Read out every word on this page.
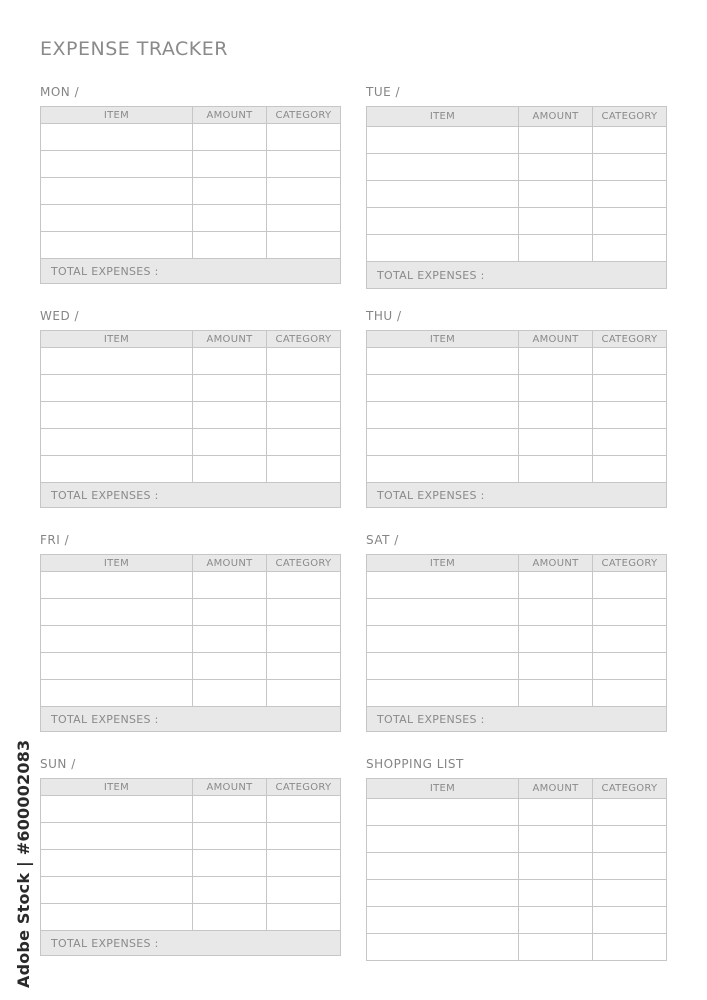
EXPENSE TRACKER
MON /
ITEM	AMOUNT	CATEGORY

TOTAL EXPENSES :		
TUE /
ITEM	AMOUNT	CATEGORY

TOTAL EXPENSES :		
WED /
ITEM	AMOUNT	CATEGORY

TOTAL EXPENSES :		
THU /
ITEM	AMOUNT	CATEGORY

TOTAL EXPENSES :		
FRI /
ITEM	AMOUNT	CATEGORY

TOTAL EXPENSES :		
SAT /
ITEM	AMOUNT	CATEGORY

TOTAL EXPENSES :		
SUN /
ITEM	AMOUNT	CATEGORY

TOTAL EXPENSES :		
SHOPPING LIST
ITEM	AMOUNT	CATEGORY

Adobe Stock | #600002083
